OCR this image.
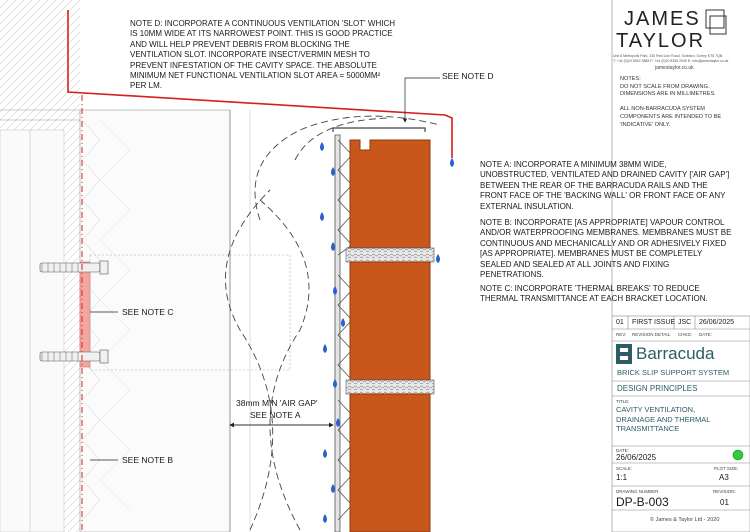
NOTE D: INCORPORATE A CONTINUOUS VENTILATION 'SLOT' WHICH IS 10MM WIDE AT ITS NARROWEST POINT. THIS IS GOOD PRACTICE AND WILL HELP PREVENT DEBRIS FROM BLOCKING THE VENTILATION SLOT. INCORPORATE INSECT/VERMIN MESH TO PREVENT INFESTATION OF THE CAVITY SPACE. THE ABSOLUTE MINIMUM NET FUNCTIONAL VENTILATION SLOT AREA = 5000MM² PER LM.
NOTE A: INCORPORATE A MINIMUM 38MM WIDE, UNOBSTRUCTED, VENTILATED AND DRAINED CAVITY ['AIR GAP'] BETWEEN THE REAR OF THE BARRACUDA RAILS AND THE FRONT FACE OF THE 'BACKING WALL' OR FRONT FACE OF ANY EXTERNAL INSULATION.
NOTE B: INCORPORATE [AS APPROPRIATE] VAPOUR CONTROL AND/OR WATERPROOFING MEMBRANES. MEMBRANES MUST BE CONTINUOUS AND MECHANICALLY AND OR ADHESIVELY FIXED [AS APPROPRIATE]. MEMBRANES MUST BE COMPLETELY SEALED AND SEALED AT ALL JOINTS AND FIXING PENETRATIONS.
NOTE C: INCORPORATE 'THERMAL BREAKS' TO REDUCE THERMAL TRANSMITTANCE AT EACH BRACKET LOCATION.
SEE NOTE D
SEE NOTE C
SEE NOTE B
38mm MIN 'AIR GAP'
SEE NOTE A
JAMES
TAYLOR
Unit 8 Metropolis Park, 230 Red Lion Road, Surbiton, Surrey KT6 7QB
T: +44 (0)20 8942 3888 F: +44 (0)20 8336 2039 E: info@jamestaylor.co.uk
jamestaylor.co.uk
NOTES:
DO NOT SCALE FROM DRAWING.
DIMENSIONS ARE IN MILLIMETRES.

ALL NON-BARRACUDA SYSTEM
COMPONENTS ARE INTENDED TO BE
'INDICATIVE' ONLY.
01 FIRST ISSUE JSC 26/06/2025
REV: REVISION DETAIL: CHKD: DATE:
Barracuda
BRICK SLIP SUPPORT SYSTEM
DESIGN PRINCIPLES
TITLE:
CAVITY VENTILATION,
DRAINAGE AND THERMAL
TRANSMITTANCE
DATE:
26/06/2025
SCALE:
1:1
PLOT SIZE:
A3
DRAWING NUMBER:
DP-B-003
REVISION:
01
© James & Taylor Ltd - 2020
